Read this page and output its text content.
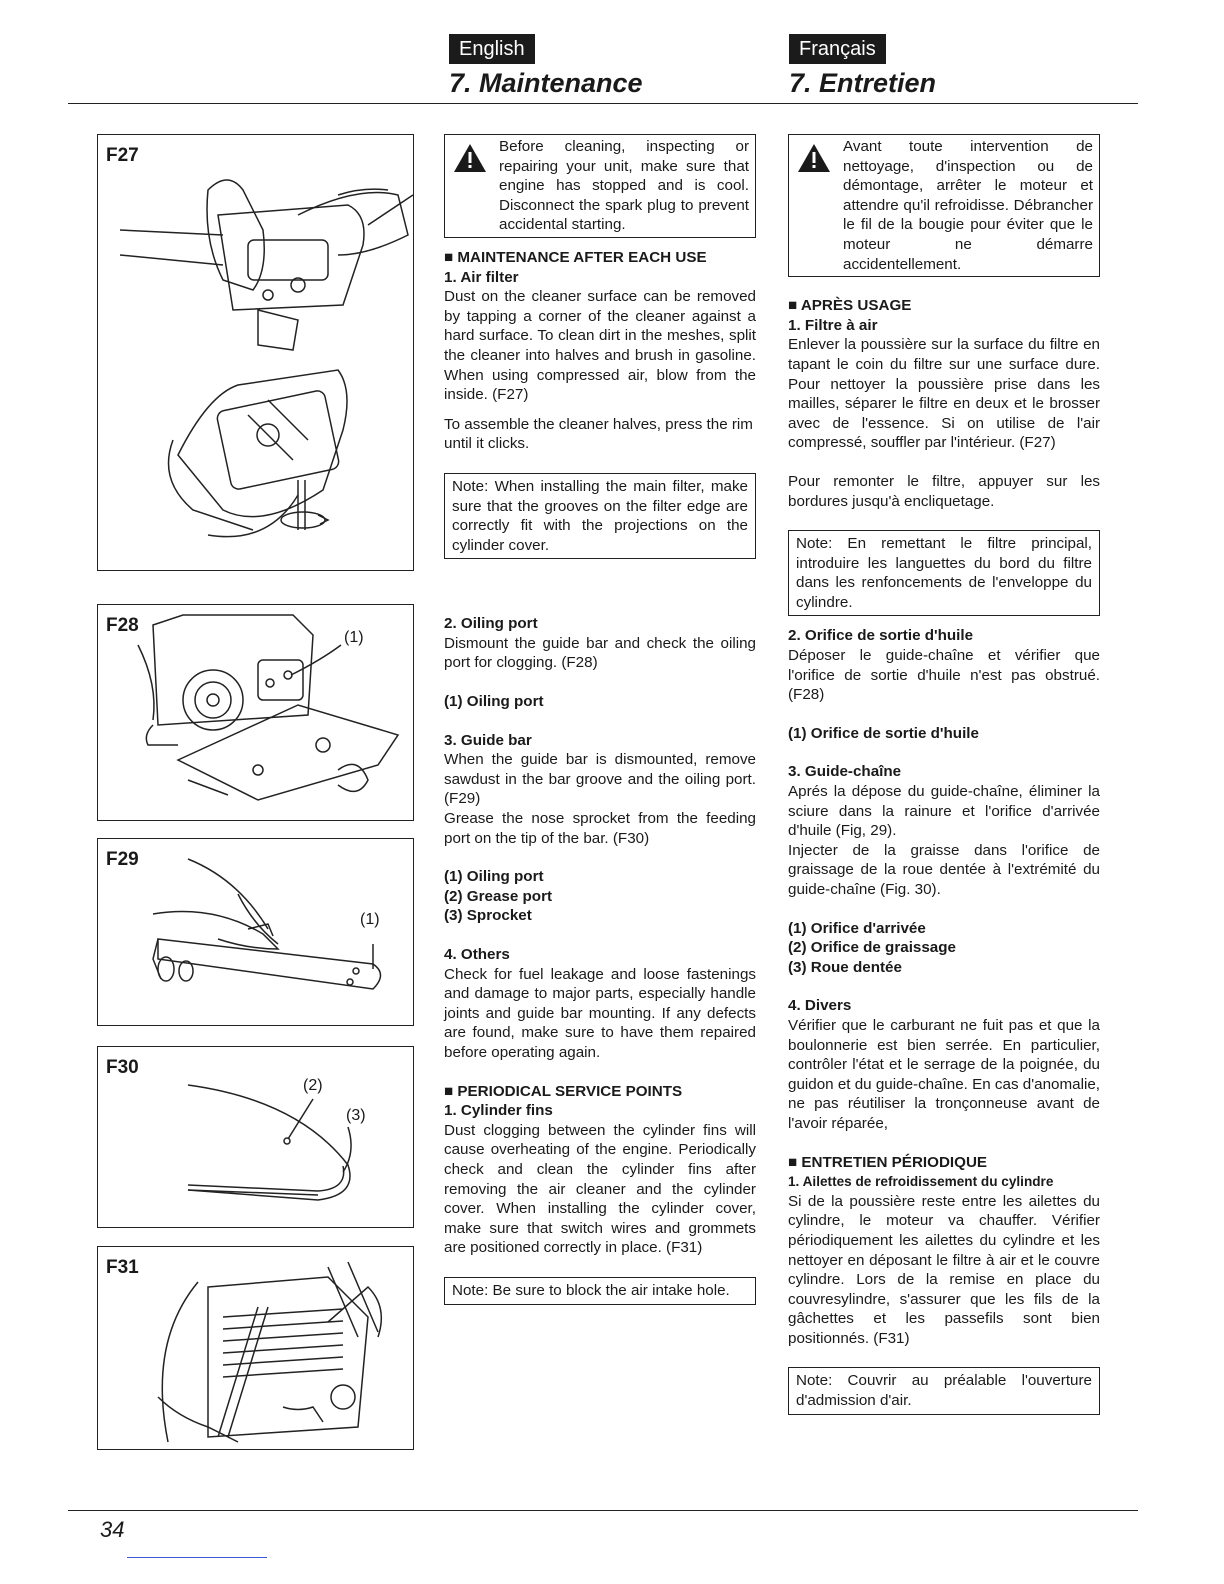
English	Français
7. Maintenance	7. Entretien
F27
F28
(1)
F29
(1)
F30
(2)
(3)
F31

Before cleaning, inspecting or repairing your unit, make sure that engine has stopped and is cool. Disconnect the spark plug to prevent accidental starting.

■ MAINTENANCE AFTER EACH USE

1. Air filter

Dust on the cleaner surface can be removed by tapping a corner of the cleaner against a hard surface. To clean dirt in the meshes, split the cleaner into halves and brush in gasoline. When using compressed air, blow from the inside. (F27)

To assemble the cleaner halves, press the rim until it clicks.

Note: When installing the main filter, make sure that the grooves on the filter edge are correctly fit with the projections on the cylinder cover.

2. Oiling port

Dismount the guide bar and check the oiling port for clogging. (F28)

(1) Oiling port

3. Guide bar

When the guide bar is dismounted, remove sawdust in the bar groove and the oiling port. (F29)

Grease the nose sprocket from the feeding port on the tip of the bar. (F30)

(1) Oiling port

(2) Grease port

(3) Sprocket

4. Others

Check for fuel leakage and loose fastenings and damage to major parts, especially handle joints and guide bar mounting. If any defects are found, make sure to have them repaired before operating again.

■ PERIODICAL SERVICE POINTS

1. Cylinder fins

Dust clogging between the cylinder fins will cause overheating of the engine. Periodically check and clean the cylinder fins after removing the air cleaner and the cylinder cover. When installing the cylinder cover, make sure that switch wires and grommets are positioned correctly in place. (F31)

Note: Be sure to block the air intake hole.

Avant toute intervention de nettoyage, d'inspection ou de démontage, arrêter le moteur et attendre qu'il refroidisse. Débrancher le fil de la bougie pour éviter que le moteur ne démarre accidentellement.

■ APRÈS USAGE

1. Filtre à air

Enlever la poussière sur la surface du filtre en tapant le coin du filtre sur une surface dure. Pour nettoyer la poussière prise dans les mailles, séparer le filtre en deux et le brosser avec de l'essence. Si on utilise de l'air compressé, souffler par l'intérieur. (F27)

Pour remonter le filtre, appuyer sur les bordures jusqu'à encliquetage.

Note: En remettant le filtre principal, introduire les languettes du bord du filtre dans les renfoncements de l'enveloppe du cylindre.

2. Orifice de sortie d'huile

Déposer le guide-chaîne et vérifier que l'orifice de sortie d'huile n'est pas obstrué. (F28)

(1) Orifice de sortie d'huile

3. Guide-chaîne

Aprés la dépose du guide-chaîne, éliminer la sciure dans la rainure et l'orifice d'arrivée d'huile (Fig, 29).

Injecter de la graisse dans l'orifice de graissage de la roue dentée à l'extrémité du guide-chaîne (Fig. 30).

(1) Orifice d'arrivée

(2) Orifice de graissage

(3) Roue dentée

4. Divers

Vérifier que le carburant ne fuit pas et que la boulonnerie est bien serrée. En particulier, contrôler l'état et le serrage de la poignée, du guidon et du guide-chaîne. En cas d'anomalie, ne pas réutiliser la tronçonneuse avant de l'avoir réparée,

■ ENTRETIEN PÉRIODIQUE

1. Ailettes de refroidissement du cylindre

Si de la poussière reste entre les ailettes du cylindre, le moteur va chauffer. Vérifier périodiquement les ailettes du cylindre et les nettoyer en déposant le filtre à air et le couvre cylindre. Lors de la remise en place du couvresylindre, s'assurer que les fils de la gâchettes et les passefils sont bien positionnés. (F31)

Note: Couvrir au préalable l'ouverture d'admission d'air.

34
